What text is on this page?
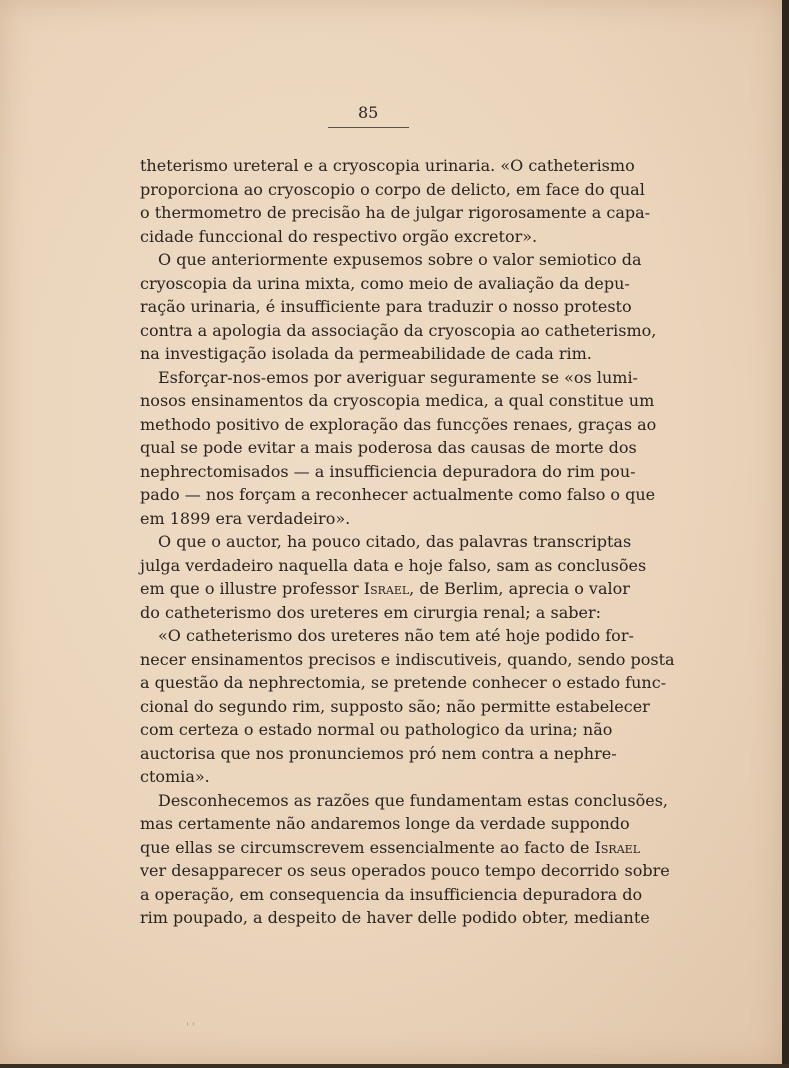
85
theterismo ureteral e a cryoscopia urinaria. «O catheterismo
proporciona ao cryoscopio o corpo de delicto, em face do qual
o thermometro de precisão ha de julgar rigorosamente a capa-
cidade funccional do respectivo orgão excretor».
O que anteriormente expusemos sobre o valor semiotico da
cryoscopia da urina mixta, como meio de avaliação da depu-
ração urinaria, é insufficiente para traduzir o nosso protesto
contra a apologia da associação da cryoscopia ao catheterismo,
na investigação isolada da permeabilidade de cada rim.
Esforçar-nos-emos por averiguar seguramente se «os lumi-
nosos ensinamentos da cryoscopia medica, a qual constitue um
methodo positivo de exploração das funcções renaes, graças ao
qual se pode evitar a mais poderosa das causas de morte dos
nephrectomisados — a insufficiencia depuradora do rim pou-
pado — nos forçam a reconhecer actualmente como falso o que
em 1899 era verdadeiro».
O que o auctor, ha pouco citado, das palavras transcriptas
julga verdadeiro naquella data e hoje falso, sam as conclusões
em que o illustre professor Israel, de Berlim, aprecia o valor
do catheterismo dos ureteres em cirurgia renal; a saber:
«O catheterismo dos ureteres não tem até hoje podido for-
necer ensinamentos precisos e indiscutiveis, quando, sendo posta
a questão da nephrectomia, se pretende conhecer o estado func-
cional do segundo rim, supposto são; não permitte estabelecer
com certeza o estado normal ou pathologico da urina; não
auctorisa que nos pronunciemos pró nem contra a nephre-
ctomia».
Desconhecemos as razões que fundamentam estas conclusões,
mas certamente não andaremos longe da verdade suppondo
que ellas se circumscrevem essencialmente ao facto de Israel
ver desapparecer os seus operados pouco tempo decorrido sobre
a operação, em consequencia da insufficiencia depuradora do
rim poupado, a despeito de haver delle podido obter, mediante
' '
